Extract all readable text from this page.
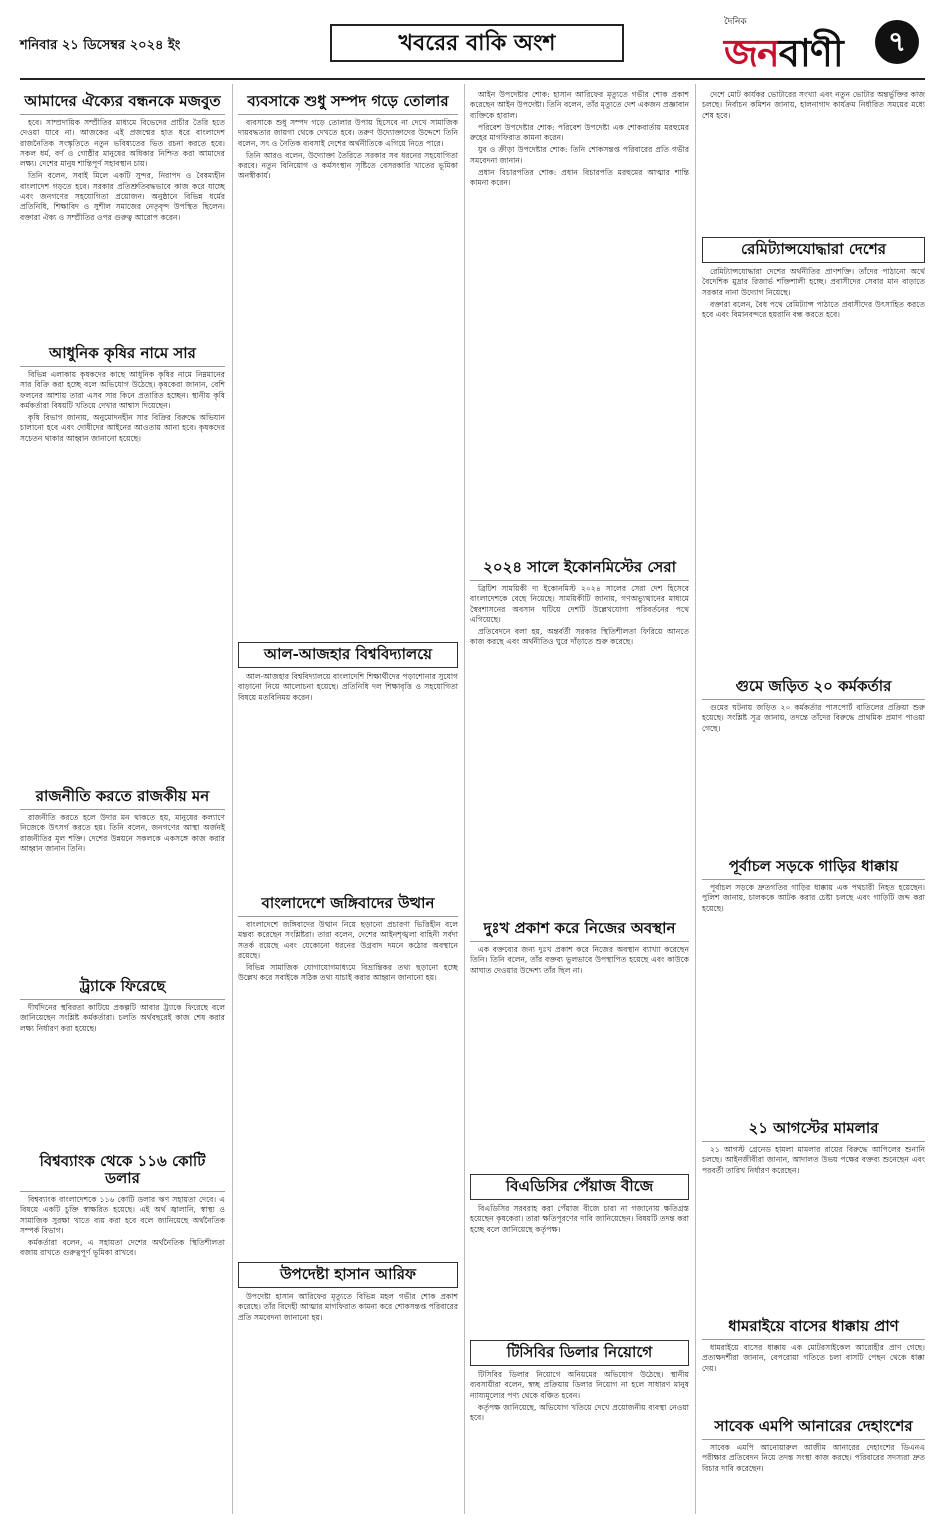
শনিবার ২১ ডিসেম্বর ২০২৪ ইং	খবরের বাকি অংশ
দৈনিক
জনবাণী	৭
আমাদের ঐক্যের বন্ধনকে মজবুত

হবে। সাম্প্রদায়িক সম্প্রীতির মাধ্যমে বিভেদের প্রাচীর তৈরি হতে দেওয়া যাবে না। আজকের এই প্রজন্মের হাত ধরে বাংলাদেশ রাজনৈতিক সংস্কৃতিতে নতুন ভবিষ্যতের ভিত রচনা করতে হবে। সকল ধর্ম, বর্ণ ও গোষ্ঠীর মানুষের অধিকার নিশ্চিত করা আমাদের লক্ষ্য। দেশের মানুষ শান্তিপূর্ণ সহাবস্থান চায়।

তিনি বলেন, সবাই মিলে একটি সুন্দর, নিরাপদ ও বৈষম্যহীন বাংলাদেশ গড়তে হবে। সরকার প্রতিশ্রুতিবদ্ধভাবে কাজ করে যাচ্ছে এবং জনগণের সহযোগিতা প্রয়োজন। অনুষ্ঠানে বিভিন্ন ধর্মের প্রতিনিধি, শিক্ষাবিদ ও সুশীল সমাজের নেতৃবৃন্দ উপস্থিত ছিলেন। বক্তারা ঐক্য ও সম্প্রীতির ওপর গুরুত্ব আরোপ করেন।

আধুনিক কৃষির নামে সার

বিভিন্ন এলাকায় কৃষকদের কাছে আধুনিক কৃষির নামে নিম্নমানের সার বিক্রি করা হচ্ছে বলে অভিযোগ উঠেছে। কৃষকেরা জানান, বেশি ফলনের আশায় তারা এসব সার কিনে প্রতারিত হচ্ছেন। স্থানীয় কৃষি কর্মকর্তারা বিষয়টি খতিয়ে দেখার আশ্বাস দিয়েছেন।

কৃষি বিভাগ জানায়, অনুমোদনহীন সার বিক্রির বিরুদ্ধে অভিযান চালানো হবে এবং দোষীদের আইনের আওতায় আনা হবে। কৃষকদের সচেতন থাকার আহ্বান জানানো হয়েছে।

রাজনীতি করতে রাজকীয় মন

রাজনীতি করতে হলে উদার মন থাকতে হয়, মানুষের কল্যাণে নিজেকে উৎসর্গ করতে হয়। তিনি বলেন, জনগণের আস্থা অর্জনই রাজনীতির মূল শক্তি। দেশের উন্নয়নে সকলকে একসঙ্গে কাজ করার আহ্বান জানান তিনি।

ট্র্যাকে ফিরেছে

দীর্ঘদিনের স্থবিরতা কাটিয়ে প্রকল্পটি আবার ট্র্যাকে ফিরেছে বলে জানিয়েছেন সংশ্লিষ্ট কর্মকর্তারা। চলতি অর্থবছরেই কাজ শেষ করার লক্ষ্য নির্ধারণ করা হয়েছে।

বিশ্বব্যাংক থেকে ১১৬ কোটি ডলার

বিশ্বব্যাংক বাংলাদেশকে ১১৬ কোটি ডলার ঋণ সহায়তা দেবে। এ বিষয়ে একটি চুক্তি স্বাক্ষরিত হয়েছে। এই অর্থ জ্বালানি, স্বাস্থ্য ও সামাজিক সুরক্ষা খাতে ব্যয় করা হবে বলে জানিয়েছে অর্থনৈতিক সম্পর্ক বিভাগ।

কর্মকর্তারা বলেন, এ সহায়তা দেশের অর্থনৈতিক স্থিতিশীলতা বজায় রাখতে গুরুত্বপূর্ণ ভূমিকা রাখবে।

ব্যবসাকে শুধু সম্পদ গড়ে তোলার

ব্যবসাকে শুধু সম্পদ গড়ে তোলার উপায় হিসেবে না দেখে সামাজিক দায়বদ্ধতার জায়গা থেকে দেখতে হবে। তরুণ উদ্যোক্তাদের উদ্দেশে তিনি বলেন, সৎ ও নৈতিক ব্যবসাই দেশের অর্থনীতিকে এগিয়ে নিতে পারে।

তিনি আরও বলেন, উদ্যোক্তা তৈরিতে সরকার সব ধরনের সহযোগিতা করবে। নতুন বিনিয়োগ ও কর্মসংস্থান সৃষ্টিতে বেসরকারি খাতের ভূমিকা অনস্বীকার্য।

আল-আজহার বিশ্ববিদ্যালয়ে

আল-আজহার বিশ্ববিদ্যালয়ে বাংলাদেশি শিক্ষার্থীদের পড়াশোনার সুযোগ বাড়ানো নিয়ে আলোচনা হয়েছে। প্রতিনিধি দল শিক্ষাবৃত্তি ও সহযোগিতা বিষয়ে মতবিনিময় করেন।

বাংলাদেশে জঙ্গিবাদের উত্থান

বাংলাদেশে জঙ্গিবাদের উত্থান নিয়ে ছড়ানো প্রচারণা ভিত্তিহীন বলে মন্তব্য করেছেন সংশ্লিষ্টরা। তারা বলেন, দেশের আইনশৃঙ্খলা বাহিনী সর্বদা সতর্ক রয়েছে এবং যেকোনো ধরনের উগ্রবাদ দমনে কঠোর অবস্থানে রয়েছে।

বিভিন্ন সামাজিক যোগাযোগমাধ্যমে বিভ্রান্তিকর তথ্য ছড়ানো হচ্ছে উল্লেখ করে সবাইকে সঠিক তথ্য যাচাই করার আহ্বান জানানো হয়।

উপদেষ্টা হাসান আরিফ

উপদেষ্টা হাসান আরিফের মৃত্যুতে বিভিন্ন মহল গভীর শোক প্রকাশ করেছে। তাঁর বিদেহী আত্মার মাগফিরাত কামনা করে শোকসন্তপ্ত পরিবারের প্রতি সমবেদনা জানানো হয়।

আইন উপদেষ্টার শোক: হাসান আরিফের মৃত্যুতে গভীর শোক প্রকাশ করেছেন আইন উপদেষ্টা। তিনি বলেন, তাঁর মৃত্যুতে দেশ একজন প্রজ্ঞাবান ব্যক্তিকে হারাল।

পরিবেশ উপদেষ্টার শোক: পরিবেশ উপদেষ্টা এক শোকবার্তায় মরহুমের রুহের মাগফিরাত কামনা করেন।

যুব ও ক্রীড়া উপদেষ্টার শোক: তিনি শোকসন্তপ্ত পরিবারের প্রতি গভীর সমবেদনা জানান।

প্রধান বিচারপতির শোক: প্রধান বিচারপতি মরহুমের আত্মার শান্তি কামনা করেন।

২০২৪ সালে ইকোনমিস্টের সেরা

ব্রিটিশ সাময়িকী দ্য ইকোনমিস্ট ২০২৪ সালের সেরা দেশ হিসেবে বাংলাদেশকে বেছে নিয়েছে। সাময়িকীটি জানায়, গণঅভ্যুত্থানের মাধ্যমে স্বৈরশাসনের অবসান ঘটিয়ে দেশটি উল্লেখযোগ্য পরিবর্তনের পথে এগিয়েছে।

প্রতিবেদনে বলা হয়, অন্তর্বর্তী সরকার স্থিতিশীলতা ফিরিয়ে আনতে কাজ করছে এবং অর্থনীতিও ঘুরে দাঁড়াতে শুরু করেছে।

দুঃখ প্রকাশ করে নিজের অবস্থান

এক বক্তব্যের জন্য দুঃখ প্রকাশ করে নিজের অবস্থান ব্যাখ্যা করেছেন তিনি। তিনি বলেন, তাঁর বক্তব্য ভুলভাবে উপস্থাপিত হয়েছে এবং কাউকে আঘাত দেওয়ার উদ্দেশ্য তাঁর ছিল না।

বিএডিসির পেঁয়াজ বীজে

বিএডিসির সরবরাহ করা পেঁয়াজ বীজে চারা না গজানোয় ক্ষতিগ্রস্ত হয়েছেন কৃষকেরা। তারা ক্ষতিপূরণের দাবি জানিয়েছেন। বিষয়টি তদন্ত করা হচ্ছে বলে জানিয়েছে কর্তৃপক্ষ।

টিসিবির ডিলার নিয়োগে

টিসিবির ডিলার নিয়োগে অনিয়মের অভিযোগ উঠেছে। স্থানীয় ব্যবসায়ীরা বলেন, স্বচ্ছ প্রক্রিয়ায় ডিলার নিয়োগ না হলে সাধারণ মানুষ ন্যায্যমূল্যের পণ্য থেকে বঞ্চিত হবেন।

কর্তৃপক্ষ জানিয়েছে, অভিযোগ খতিয়ে দেখে প্রয়োজনীয় ব্যবস্থা নেওয়া হবে।

দেশে মোট কার্যকর ভোটারের সংখ্যা এবং নতুন ভোটার অন্তর্ভুক্তির কাজ চলছে। নির্বাচন কমিশন জানায়, হালনাগাদ কার্যক্রম নির্ধারিত সময়ের মধ্যে শেষ হবে।

রেমিট্যান্সযোদ্ধারা দেশের

রেমিট্যান্সযোদ্ধারা দেশের অর্থনীতির প্রাণশক্তি। তাঁদের পাঠানো অর্থে বৈদেশিক মুদ্রার রিজার্ভ শক্তিশালী হচ্ছে। প্রবাসীদের সেবার মান বাড়াতে সরকার নানা উদ্যোগ নিয়েছে।

বক্তারা বলেন, বৈধ পথে রেমিট্যান্স পাঠাতে প্রবাসীদের উৎসাহিত করতে হবে এবং বিমানবন্দরে হয়রানি বন্ধ করতে হবে।

গুমে জড়িত ২০ কর্মকর্তার

গুমের ঘটনায় জড়িত ২০ কর্মকর্তার পাসপোর্ট বাতিলের প্রক্রিয়া শুরু হয়েছে। সংশ্লিষ্ট সূত্র জানায়, তদন্তে তাঁদের বিরুদ্ধে প্রাথমিক প্রমাণ পাওয়া গেছে।

পূর্বাচল সড়কে গাড়ির ধাক্কায়

পূর্বাচল সড়কে দ্রুতগতির গাড়ির ধাক্কায় এক পথচারী নিহত হয়েছেন। পুলিশ জানায়, চালককে আটক করার চেষ্টা চলছে এবং গাড়িটি জব্দ করা হয়েছে।

২১ আগস্টের মামলার

২১ আগস্ট গ্রেনেড হামলা মামলার রায়ের বিরুদ্ধে আপিলের শুনানি চলছে। আইনজীবীরা জানান, আদালত উভয় পক্ষের বক্তব্য শুনেছেন এবং পরবর্তী তারিখ নির্ধারণ করেছেন।

ধামরাইয়ে বাসের ধাক্কায় প্রাণ

ধামরাইয়ে বাসের ধাক্কায় এক মোটরসাইকেল আরোহীর প্রাণ গেছে। প্রত্যক্ষদর্শীরা জানান, বেপরোয়া গতিতে চলা বাসটি পেছন থেকে ধাক্কা দেয়।

সাবেক এমপি আনারের দেহাংশের

সাবেক এমপি আনোয়ারুল আজীম আনারের দেহাংশের ডিএনএ পরীক্ষার প্রতিবেদন নিয়ে তদন্ত সংস্থা কাজ করছে। পরিবারের সদস্যরা দ্রুত বিচার দাবি করেছেন।
